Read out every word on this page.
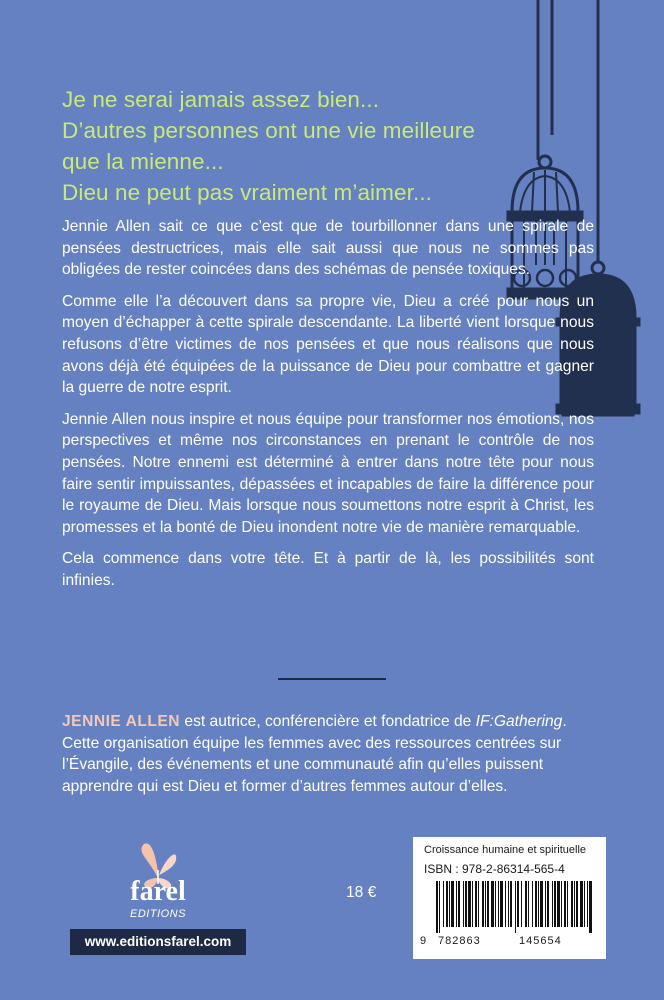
Je ne serai jamais assez bien...
D’autres personnes ont une vie meilleure
que la mienne...
Dieu ne peut pas vraiment m’aimer...

Jennie Allen sait ce que c’est que de tourbillonner dans une spirale de pensées destructrices, mais elle sait aussi que nous ne sommes pas obligées de rester coincées dans des schémas de pensée toxiques.

Comme elle l’a découvert dans sa propre vie, Dieu a créé pour nous un moyen d’échapper à cette spirale descendante. La liberté vient lorsque nous refusons d’être victimes de nos pensées et que nous réalisons que nous avons déjà été équipées de la puissance de Dieu pour combattre et gagner la guerre de notre esprit.

Jennie Allen nous inspire et nous équipe pour transformer nos émotions, nos perspectives et même nos circonstances en prenant le contrôle de nos pensées. Notre ennemi est déterminé à entrer dans notre tête pour nous faire sentir impuissantes, dépassées et incapables de faire la différence pour le royaume de Dieu. Mais lorsque nous soumettons notre esprit à Christ, les promesses et la bonté de Dieu inondent notre vie de manière remarquable.

Cela commence dans votre tête. Et à partir de là, les possibilités sont infinies.

JENNIE ALLEN est autrice, conférencière et fondatrice de IF:Gathering. Cette organisation équipe les femmes avec des ressources centrées sur l’Évangile, des événements et une communauté afin qu’elles puissent apprendre qui est Dieu et former d’autres femmes autour d’elles.
farel
EDITIONS
www.editionsfarel.com
18 €
Croissance humaine et spirituelle
ISBN : 978-2-86314-565-4
9 782863	145654
